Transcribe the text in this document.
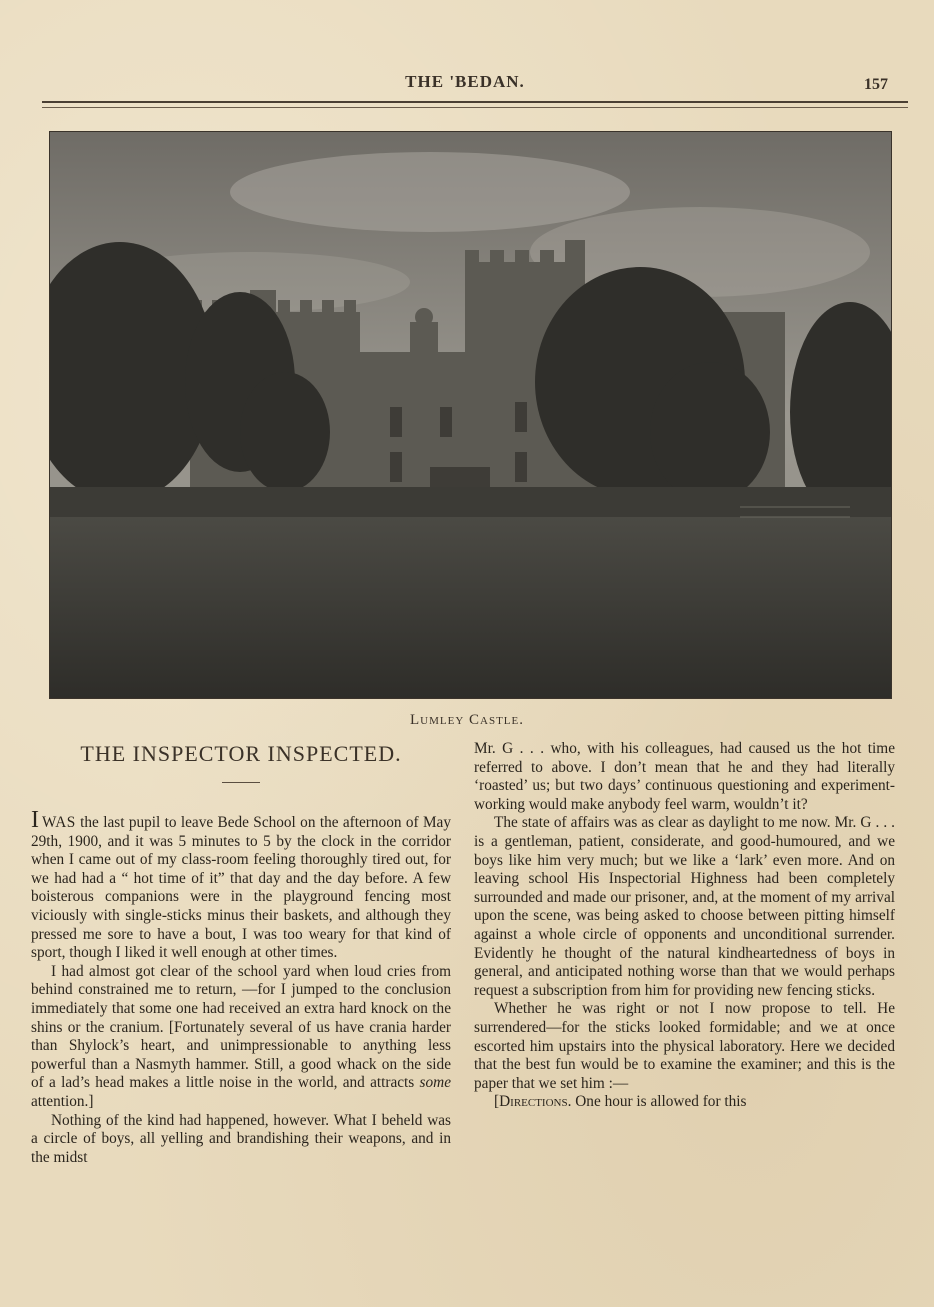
THE 'BEDAN.	157
Lumley Castle.
THE INSPECTOR INSPECTED.

IWAS the last pupil to leave Bede School on the afternoon of May 29th, 1900, and it was 5 minutes to 5 by the clock in the corridor when I came out of my class-room feeling thoroughly tired out, for we had had a “ hot time of it” that day and the day before. A few boisterous companions were in the playground fencing most viciously with single-sticks minus their baskets, and although they pressed me sore to have a bout, I was too weary for that kind of sport, though I liked it well enough at other times.

I had almost got clear of the school yard when loud cries from behind constrained me to return, —for I jumped to the conclusion immediately that some one had received an extra hard knock on the shins or the cranium. [Fortunately several of us have crania harder than Shylock’s heart, and unimpressionable to anything less powerful than a Nasmyth hammer. Still, a good whack on the side of a lad’s head makes a little noise in the world, and attracts some attention.]

Nothing of the kind had happened, however. What I beheld was a circle of boys, all yelling and brandishing their weapons, and in the midst

Mr. G . . . who, with his colleagues, had caused us the hot time referred to above. I don’t mean that he and they had literally ‘roasted’ us; but two days’ continuous questioning and experiment-working would make anybody feel warm, wouldn’t it?

The state of affairs was as clear as daylight to me now. Mr. G . . . is a gentleman, patient, considerate, and good-humoured, and we boys like him very much; but we like a ‘lark’ even more. And on leaving school His Inspectorial Highness had been completely surrounded and made our prisoner, and, at the moment of my arrival upon the scene, was being asked to choose between pitting himself against a whole circle of opponents and unconditional surrender. Evidently he thought of the natural kindheartedness of boys in general, and anticipated nothing worse than that we would perhaps request a subscription from him for providing new fencing sticks.

Whether he was right or not I now propose to tell. He surrendered—for the sticks looked formidable; and we at once escorted him upstairs into the physical laboratory. Here we decided that the best fun would be to examine the examiner; and this is the paper that we set him :—

[Directions. One hour is allowed for this
